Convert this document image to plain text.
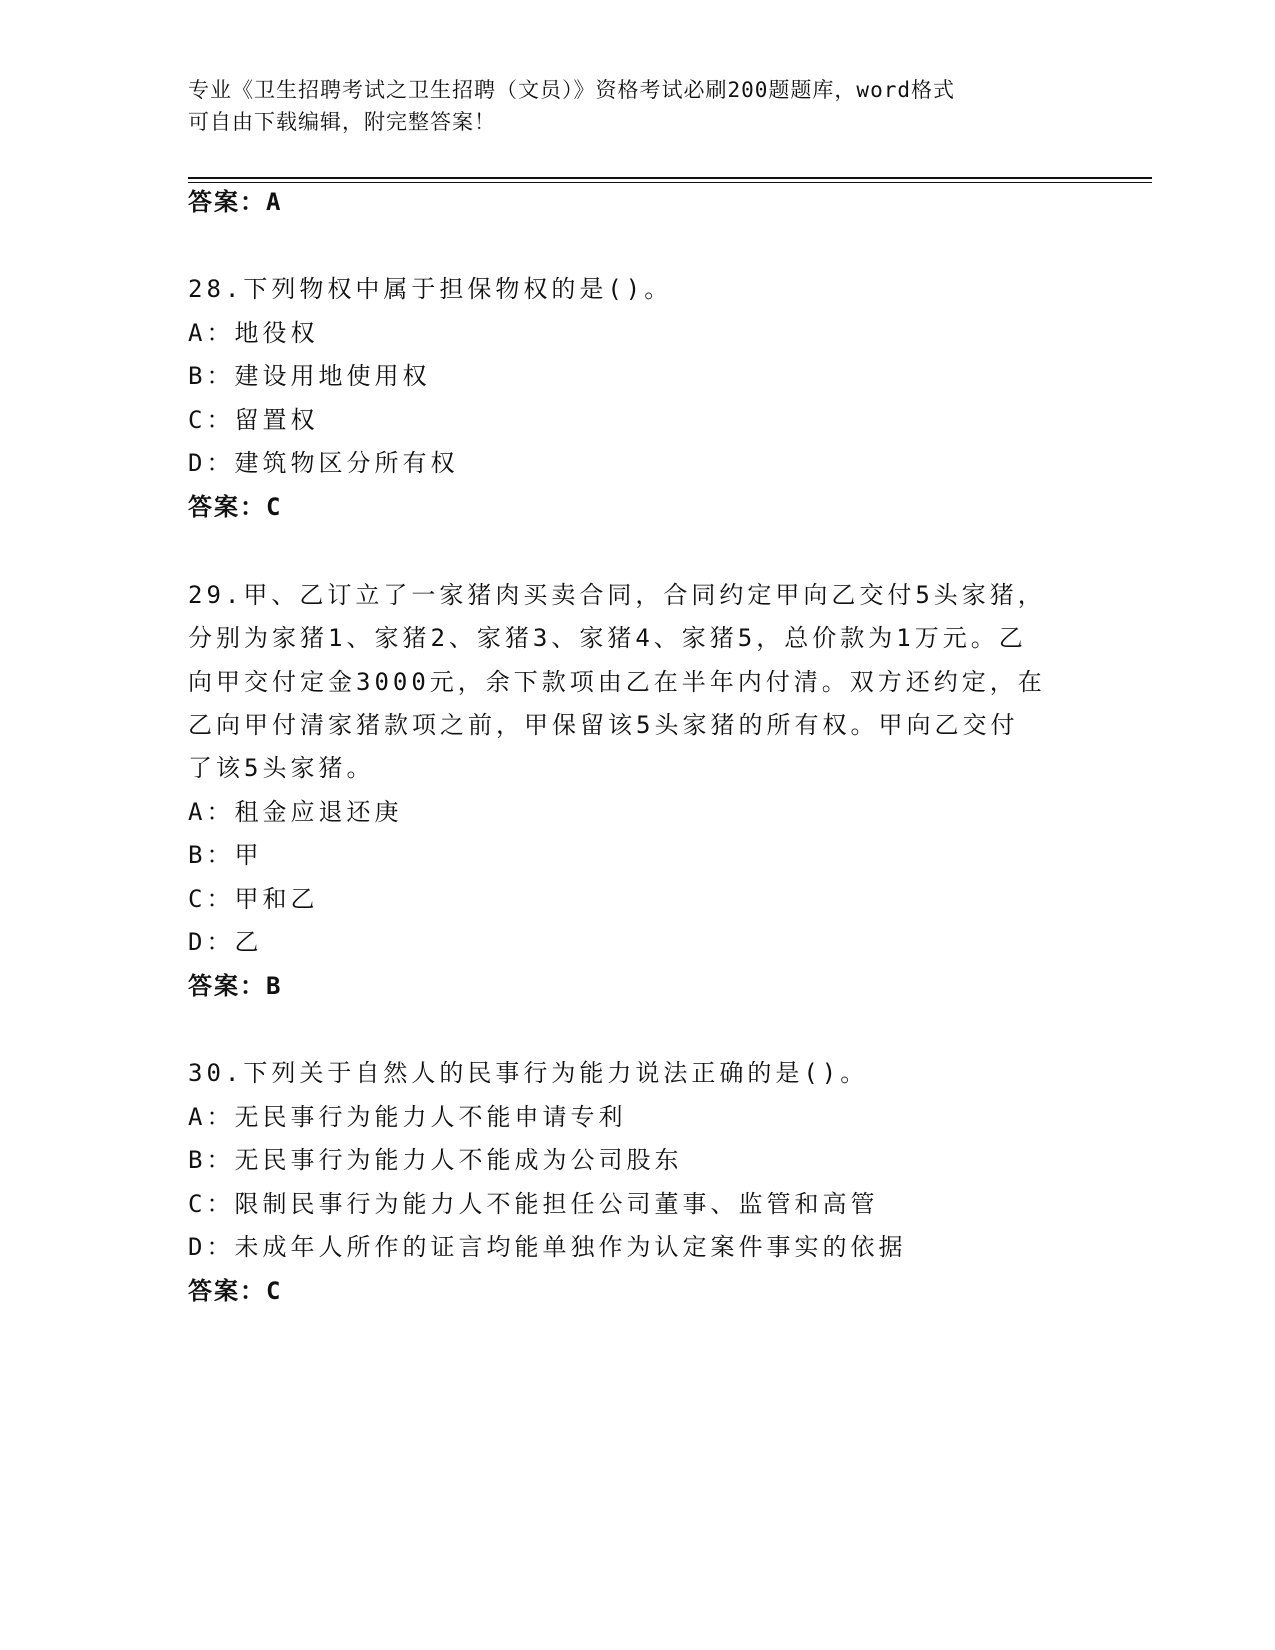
专业《卫生招聘考试之卫生招聘（文员）》资格考试必刷200题题库，word格式
可自由下载编辑，附完整答案！
答案：A
28.下列物权中属于担保物权的是()。
A：地役权
B：建设用地使用权
C：留置权
D：建筑物区分所有权
答案：C
29.甲、乙订立了一家猪肉买卖合同，合同约定甲向乙交付5头家猪，
分别为家猪1、家猪2、家猪3、家猪4、家猪5，总价款为1万元。乙
向甲交付定金3000元，余下款项由乙在半年内付清。双方还约定，在
乙向甲付清家猪款项之前，甲保留该5头家猪的所有权。甲向乙交付
了该5头家猪。
A：租金应退还庚
B：甲
C：甲和乙
D：乙
答案：B
30.下列关于自然人的民事行为能力说法正确的是()。
A：无民事行为能力人不能申请专利
B：无民事行为能力人不能成为公司股东
C：限制民事行为能力人不能担任公司董事、监管和高管
D：未成年人所作的证言均能单独作为认定案件事实的依据
答案：C
